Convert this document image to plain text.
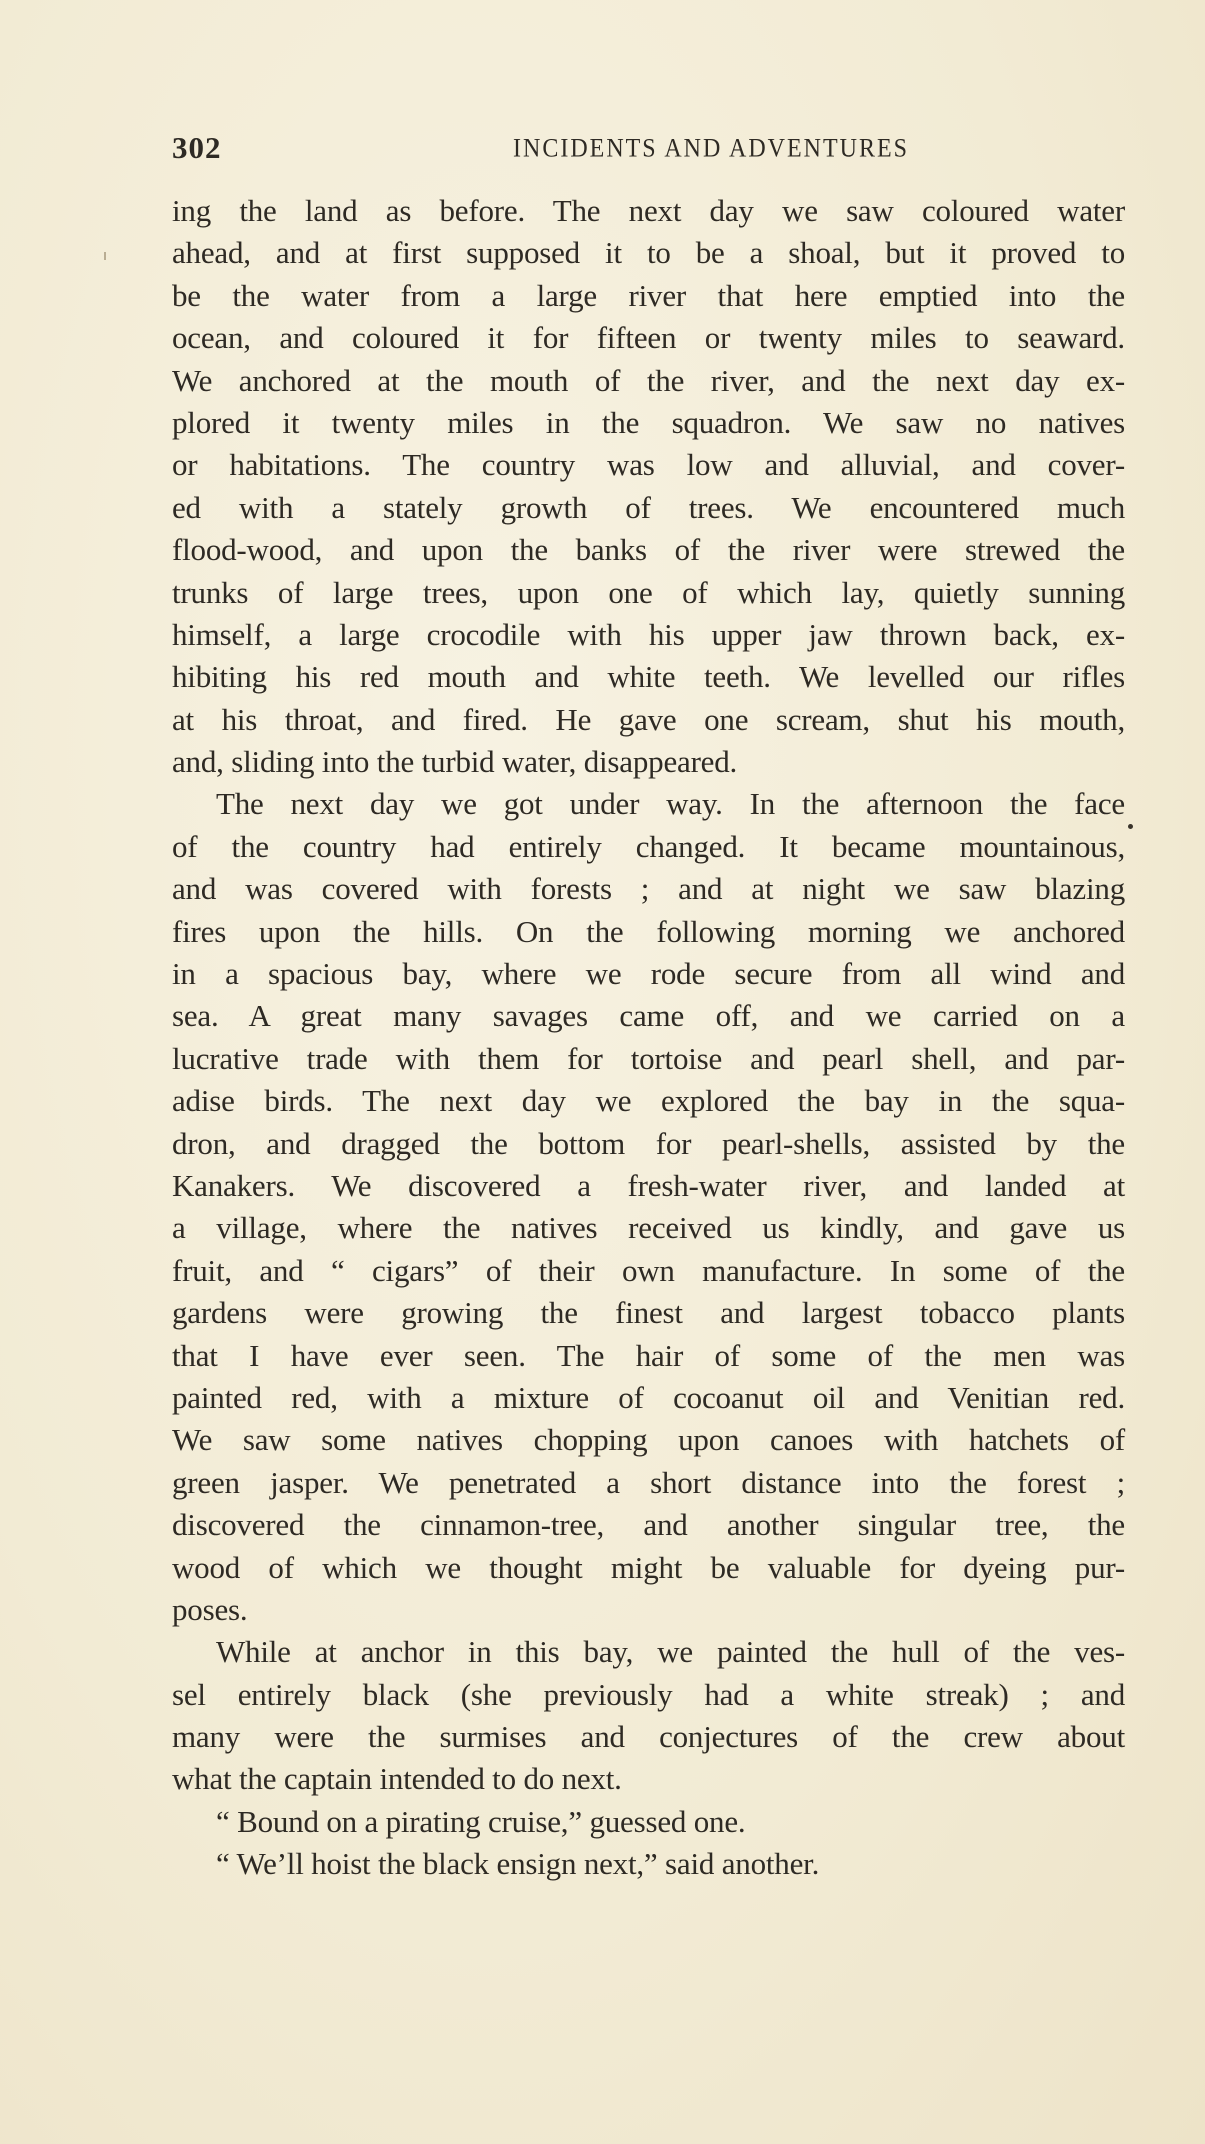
302	INCIDENTS AND ADVENTURES
ing the land as before. The next day we saw coloured water
ahead, and at first supposed it to be a shoal, but it proved to
be the water from a large river that here emptied into the
ocean, and coloured it for fifteen or twenty miles to seaward.
We anchored at the mouth of the river, and the next day ex-
plored it twenty miles in the squadron. We saw no natives
or habitations. The country was low and alluvial, and cover-
ed with a stately growth of trees. We encountered much
flood-wood, and upon the banks of the river were strewed the
trunks of large trees, upon one of which lay, quietly sunning
himself, a large crocodile with his upper jaw thrown back, ex-
hibiting his red mouth and white teeth. We levelled our rifles
at his throat, and fired. He gave one scream, shut his mouth,
and, sliding into the turbid water, disappeared.
The next day we got under way. In the afternoon the face
of the country had entirely changed. It became mountainous,
and was covered with forests ; and at night we saw blazing
fires upon the hills. On the following morning we anchored
in a spacious bay, where we rode secure from all wind and
sea. A great many savages came off, and we carried on a
lucrative trade with them for tortoise and pearl shell, and par-
adise birds. The next day we explored the bay in the squa-
dron, and dragged the bottom for pearl-shells, assisted by the
Kanakers. We discovered a fresh-water river, and landed at
a village, where the natives received us kindly, and gave us
fruit, and “ cigars” of their own manufacture. In some of the
gardens were growing the finest and largest tobacco plants
that I have ever seen. The hair of some of the men was
painted red, with a mixture of cocoanut oil and Venitian red.
We saw some natives chopping upon canoes with hatchets of
green jasper. We penetrated a short distance into the forest ;
discovered the cinnamon-tree, and another singular tree, the
wood of which we thought might be valuable for dyeing pur-
poses.
While at anchor in this bay, we painted the hull of the ves-
sel entirely black (she previously had a white streak) ; and
many were the surmises and conjectures of the crew about
what the captain intended to do next.
“ Bound on a pirating cruise,” guessed one.
“ We’ll hoist the black ensign next,” said another.
